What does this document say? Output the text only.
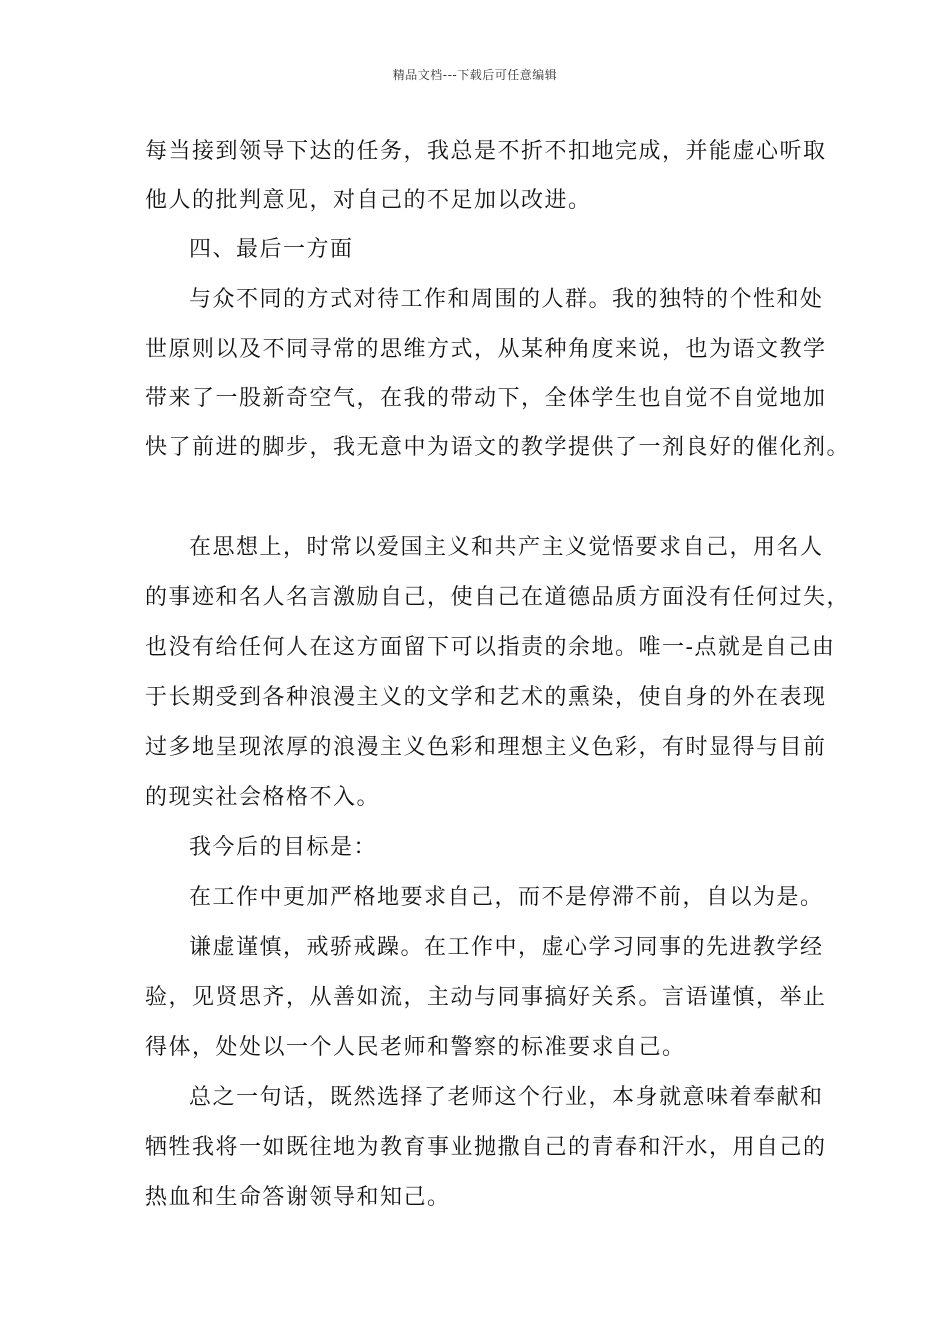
精品文档---下载后可任意编辑
每当接到领导下达的任务，我总是不折不扣地完成，并能虚心听取
他人的批判意见，对自己的不足加以改进。
四、最后一方面
与众不同的方式对待工作和周围的人群。我的独特的个性和处
世原则以及不同寻常的思维方式，从某种角度来说，也为语文教学
带来了一股新奇空气，在我的带动下，全体学生也自觉不自觉地加
快了前进的脚步，我无意中为语文的教学提供了一剂良好的催化剂。
在思想上，时常以爱国主义和共产主义觉悟要求自己，用名人
的事迹和名人名言激励自己，使自己在道德品质方面没有任何过失，
也没有给任何人在这方面留下可以指责的余地。唯一-点就是自己由
于长期受到各种浪漫主义的文学和艺术的熏染，使自身的外在表现
过多地呈现浓厚的浪漫主义色彩和理想主义色彩，有时显得与目前
的现实社会格格不入。
我今后的目标是：
在工作中更加严格地要求自己，而不是停滞不前，自以为是。
谦虚谨慎，戒骄戒躁。在工作中，虚心学习同事的先进教学经
验，见贤思齐，从善如流，主动与同事搞好关系。言语谨慎，举止
得体，处处以一个人民老师和警察的标准要求自己。
总之一句话，既然选择了老师这个行业，本身就意味着奉献和
牺牲我将一如既往地为教育事业抛撒自己的青春和汗水，用自己的
热血和生命答谢领导和知己。
